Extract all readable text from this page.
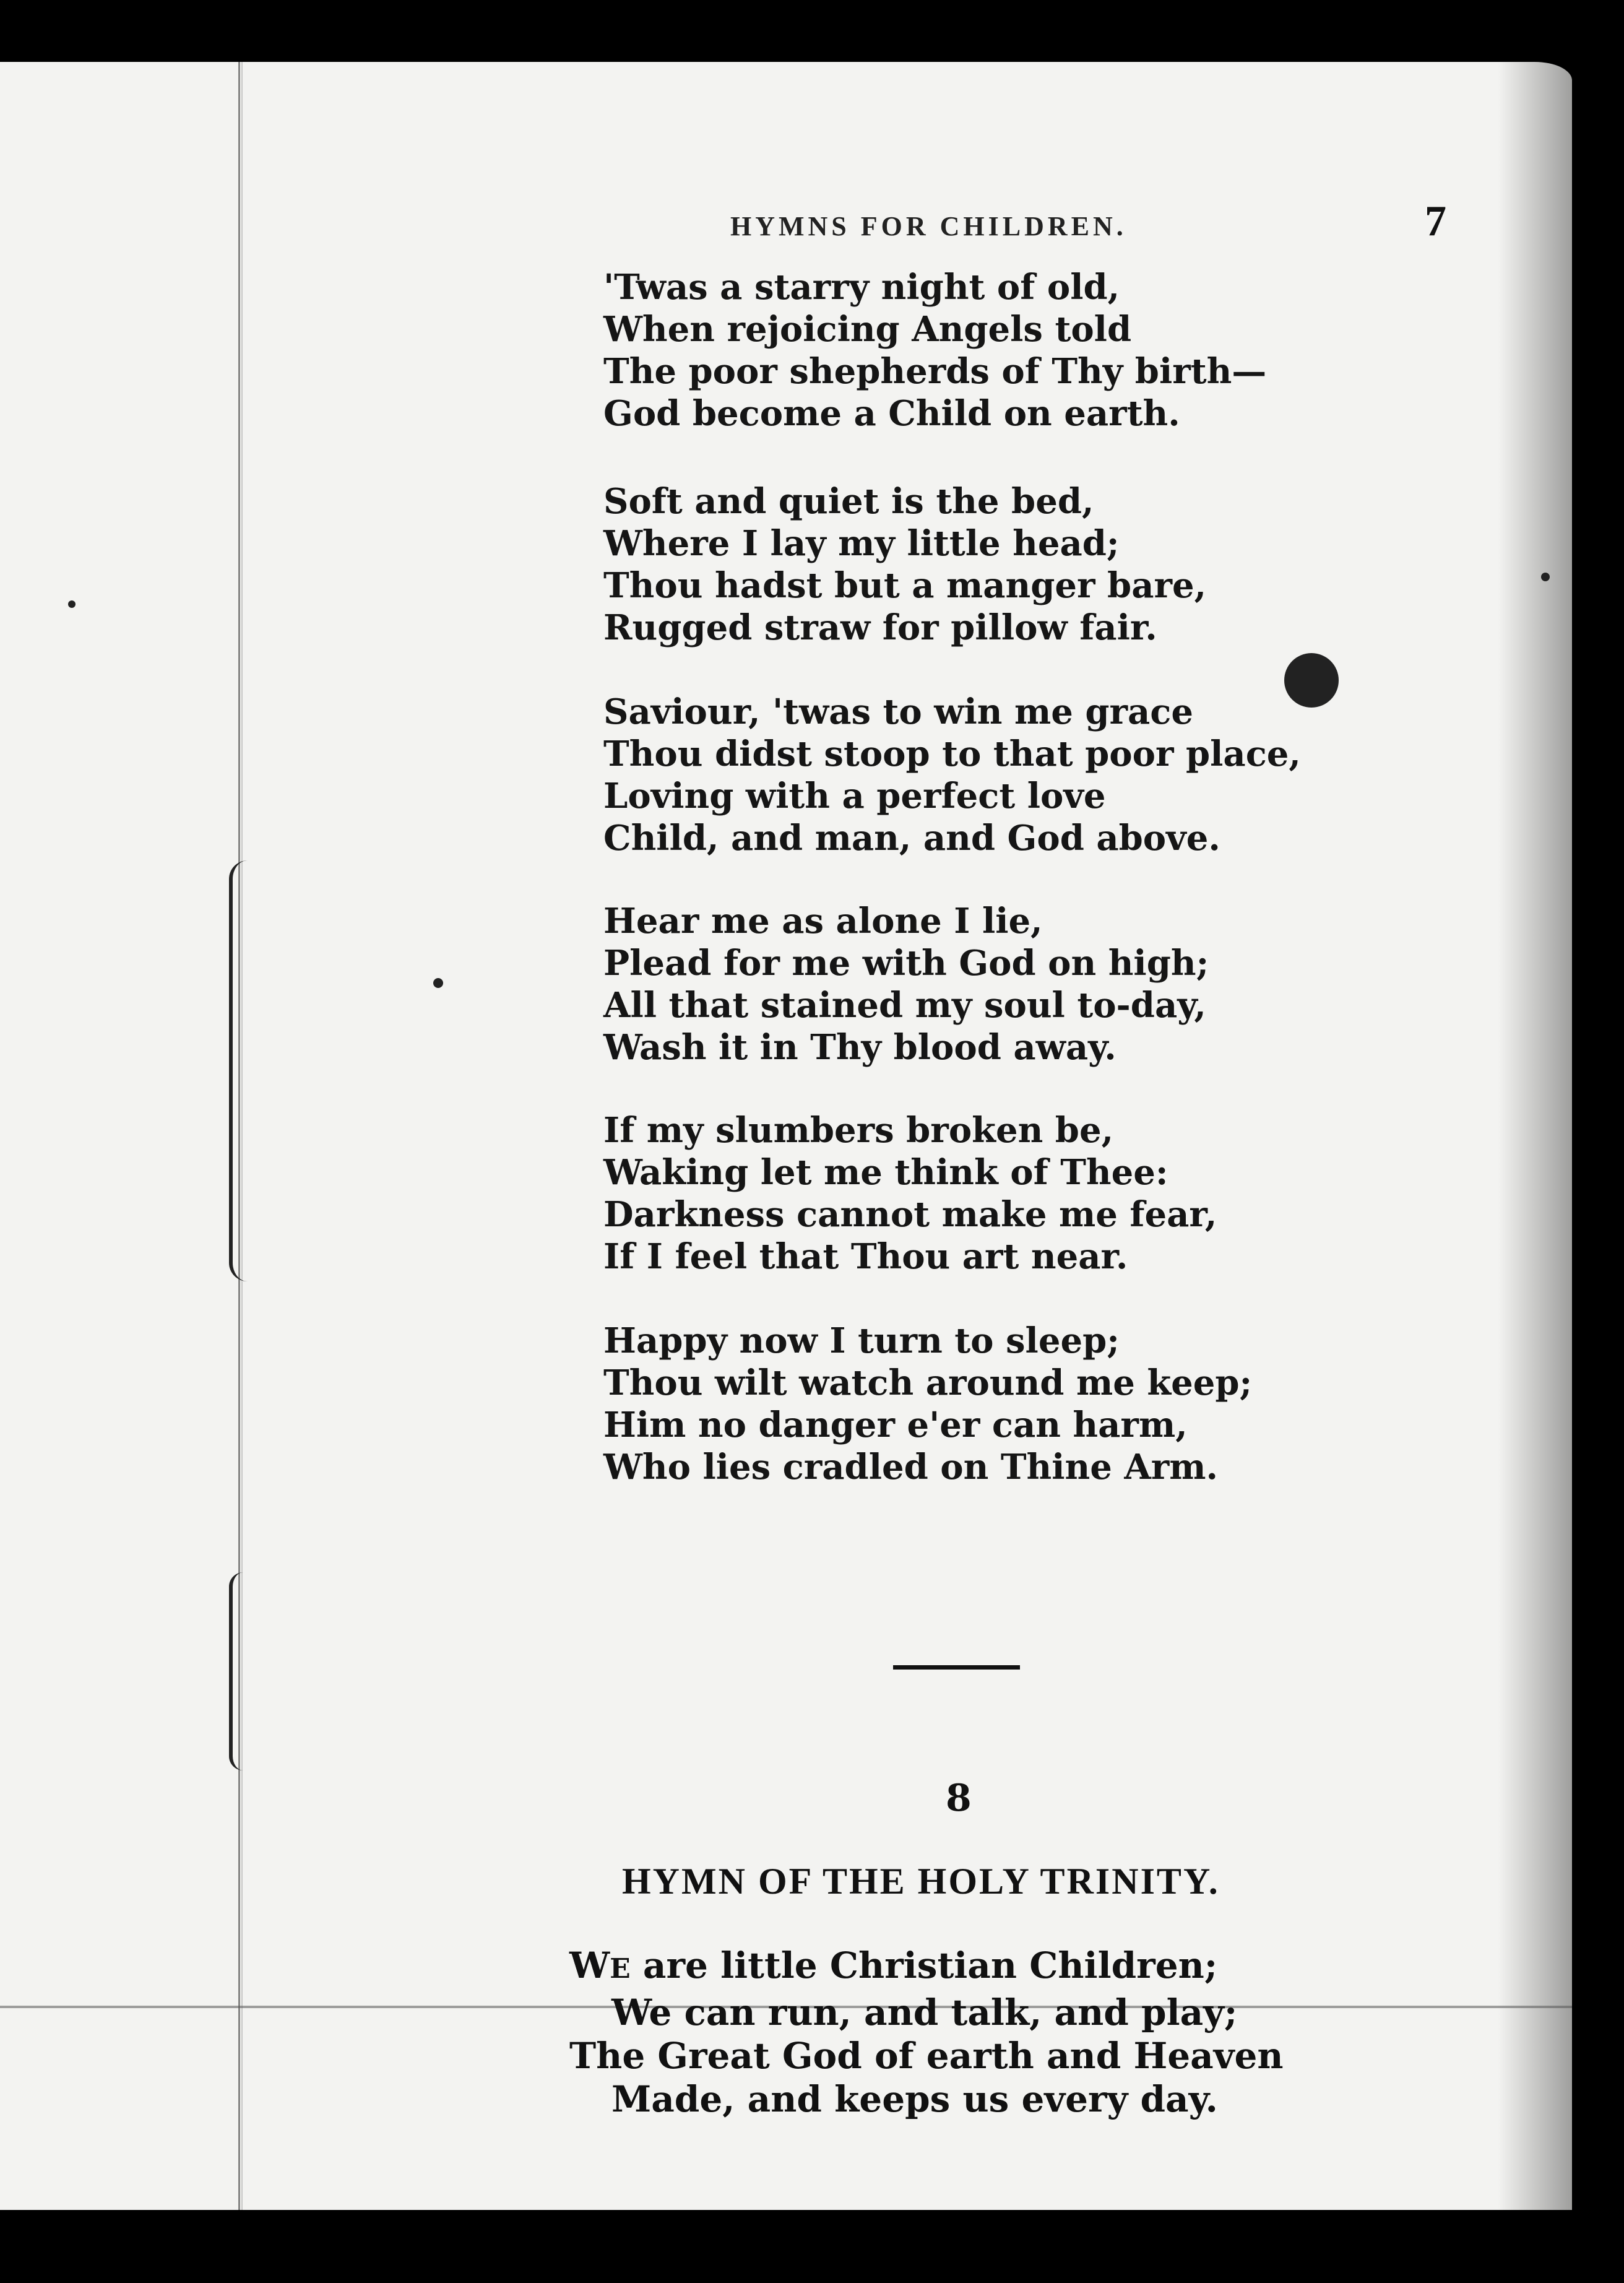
HYMNS FOR CHILDREN.	7
'Twas a starry night of old,
When rejoicing Angels told
The poor shepherds of Thy birth—
God become a Child on earth.
Soft and quiet is the bed,
Where I lay my little head;
Thou hadst but a manger bare,
Rugged straw for pillow fair.
Saviour, 'twas to win me grace
Thou didst stoop to that poor place,
Loving with a perfect love
Child, and man, and God above.
Hear me as alone I lie,
Plead for me with God on high;
All that stained my soul to-day,
Wash it in Thy blood away.
If my slumbers broken be,
Waking let me think of Thee:
Darkness cannot make me fear,
If I feel that Thou art near.
Happy now I turn to sleep;
Thou wilt watch around me keep;
Him no danger e'er can harm,
Who lies cradled on Thine Arm.
8
HYMN OF THE HOLY TRINITY.
WE are little Christian Children;
We can run, and talk, and play;
The Great God of earth and Heaven
Made, and keeps us every day.
